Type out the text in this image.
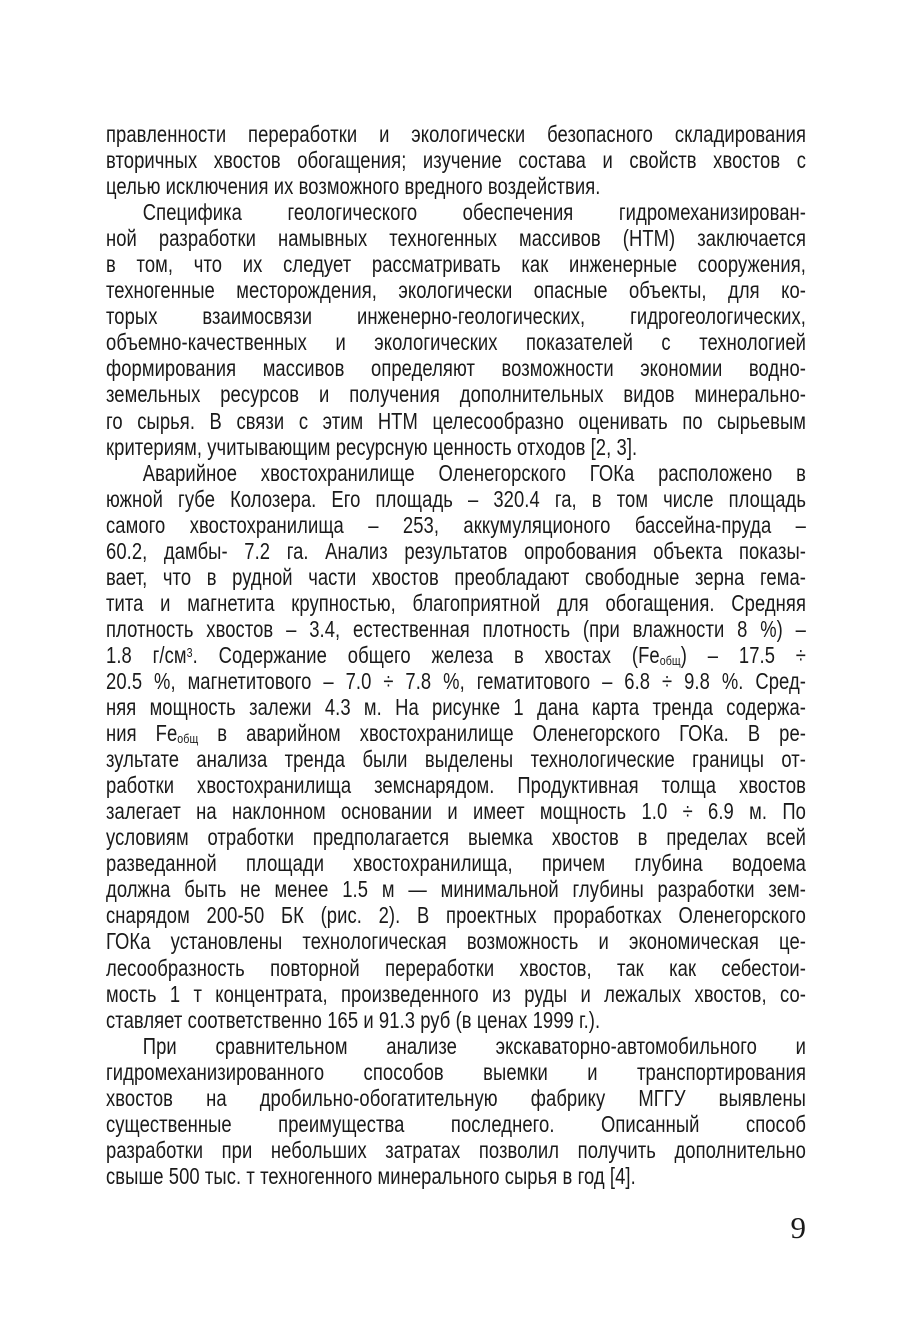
правленности переработки и экологически безопасного складирования
вторичных хвостов обогащения; изучение состава и свойств хвостов с
целью исключения их возможного вредного воздействия.
Специфика геологического обеспечения гидромеханизирован-
ной разработки намывных техногенных массивов (НТМ) заключается
в том, что их следует рассматривать как инженерные сооружения,
техногенные месторождения, экологически опасные объекты, для ко-
торых взаимосвязи инженерно-геологических, гидрогеологических,
объемно-качественных и экологических показателей с технологией
формирования массивов определяют возможности экономии водно-
земельных ресурсов и получения дополнительных видов минерально-
го сырья. В связи с этим НТМ целесообразно оценивать по сырьевым
критериям, учитывающим ресурсную ценность отходов [2, 3].
Аварийное хвостохранилище Оленегорского ГОКа расположено в
южной губе Колозера. Его площадь – 320.4 га, в том числе площадь
самого хвостохранилища – 253, аккумуляционого бассейна-пруда –
60.2, дамбы- 7.2 га. Анализ результатов опробования объекта показы-
вает, что в рудной части хвостов преобладают свободные зерна гема-
тита и магнетита крупностью, благоприятной для обогащения. Средняя
плотность хвостов – 3.4, естественная плотность (при влажности 8 %) –
1.8 $г/см^3$. Содержание общего железа в хвостах $(Fe_{общ}) - 17.5$ ÷
20.5 %, магнетитового – 7.0 ÷ 7.8 %, гематитового – 6.8 ÷ 9.8 %. Сред-
няя мощность залежи 4.3 м. На рисунке 1 дана карта тренда содержа-
ния $Fe_{общ}$ в аварийном хвостохранилище Оленегорского ГОКа. В ре-
зультате анализа тренда были выделены технологические границы от-
работки хвостохранилища земснарядом. Продуктивная толща хвостов
залегает на наклонном основании и имеет мощность 1.0 ÷ 6.9 м. По
условиям отработки предполагается выемка хвостов в пределах всей
разведанной площади хвостохранилища, причем глубина водоема
должна быть не менее 1.5 м — минимальной глубины разработки зем-
снарядом 200-50 БК (рис. 2). В проектных проработках Оленегорского
ГОКа установлены технологическая возможность и экономическая це-
лесообразность повторной переработки хвостов, так как себестои-
мость 1 т концентрата, произведенного из руды и лежалых хвостов, со-
ставляет соответственно 165 и 91.3 руб (в ценах 1999 г.).
При сравнительном анализе экскаваторно-автомобильного и
гидромеханизированного способов выемки и транспортирования
хвостов на дробильно-обогатительную фабрику МГГУ выявлены
существенные преимущества последнего. Описанный способ
разработки при небольших затратах позволил получить дополнительно
свыше 500 тыс. т техногенного минерального сырья в год [4].
9
